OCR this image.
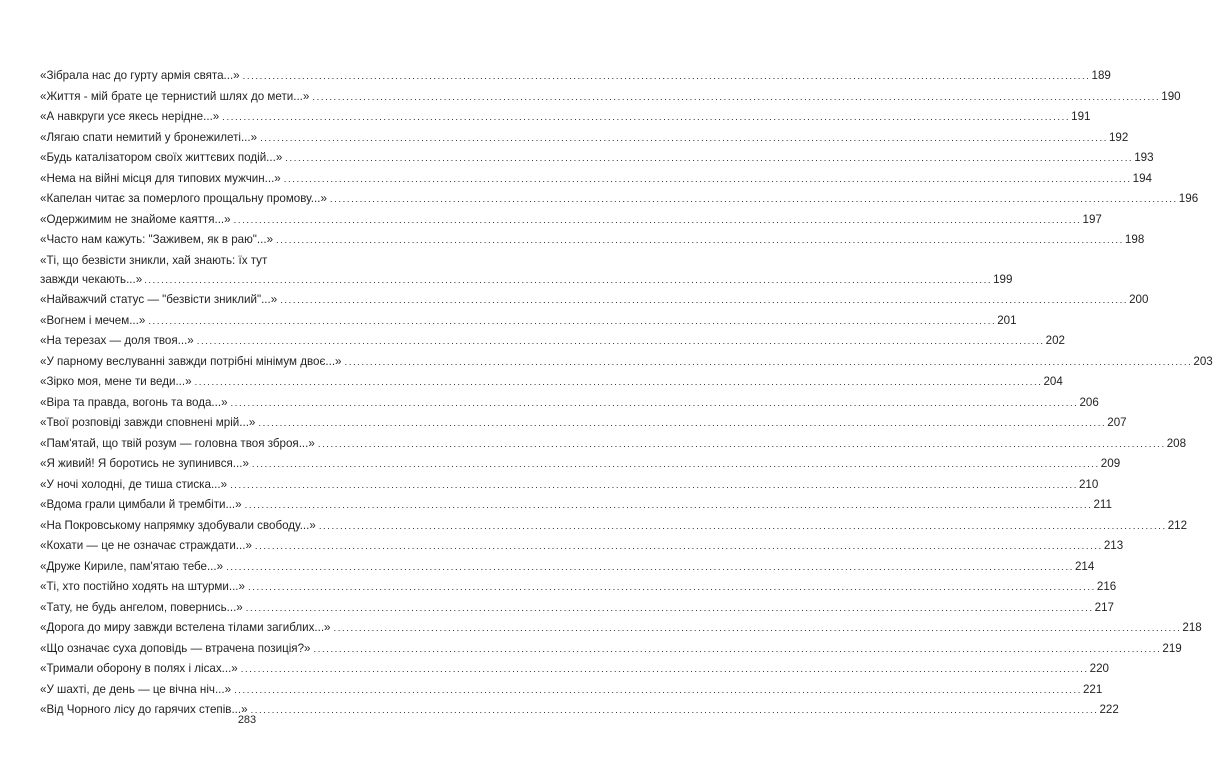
«Зібрала нас до гурту армія свята...» ........................................................................................................................................................................................................ 189
«Життя - мій брате це тернистий шлях до мети...» ........................................................................................................................................................................................................ 190
«А навкруги усе якесь нерідне...» ........................................................................................................................................................................................................ 191
«Лягаю спати немитий у бронежилеті...» ........................................................................................................................................................................................................ 192
«Будь каталізатором своїх життєвих подій...» ........................................................................................................................................................................................................ 193
«Нема на війні місця для типових мужчин...» ........................................................................................................................................................................................................ 194
«Капелан читає за померлого прощальну промову...» ........................................................................................................................................................................................................ 196
«Одержимим не знайоме каяття...» ........................................................................................................................................................................................................ 197
«Часто нам кажуть: "Заживем, як в раю"...» ........................................................................................................................................................................................................ 198
«Ті, що безвісти зникли, хай знають: їх тут
завжди чекають...» ........................................................................................................................................................................................................ 199
«Найважчий статус — "безвісти зниклий"...» ........................................................................................................................................................................................................ 200
«Вогнем і мечем...» ........................................................................................................................................................................................................ 201
«На терезах — доля твоя...» ........................................................................................................................................................................................................ 202
«У парному веслуванні завжди потрібні мінімум двоє...» ........................................................................................................................................................................................................ 203
«Зірко моя, мене ти веди...» ........................................................................................................................................................................................................ 204
«Віра та правда, вогонь та вода...» ........................................................................................................................................................................................................ 206
«Твої розповіді завжди сповнені мрій...» ........................................................................................................................................................................................................ 207
«Пам'ятай, що твій розум — головна твоя зброя...» ........................................................................................................................................................................................................ 208
«Я живий! Я боротись не зупинився...» ........................................................................................................................................................................................................ 209
«У ночі холодні, де тиша стиска...» ........................................................................................................................................................................................................ 210
«Вдома грали цимбали й трембіти...» ........................................................................................................................................................................................................ 211
«На Покровському напрямку здобували свободу...» ........................................................................................................................................................................................................ 212
«Кохати — це не означає страждати...» ........................................................................................................................................................................................................ 213
«Друже Кириле, пам'ятаю тебе...» ........................................................................................................................................................................................................ 214
«Ті, хто постійно ходять на штурми...» ........................................................................................................................................................................................................ 216
«Тату, не будь ангелом, повернись...» ........................................................................................................................................................................................................ 217
«Дорога до миру завжди встелена тілами загиблих...» ........................................................................................................................................................................................................ 218
«Що означає суха доповідь — втрачена позиція?» ........................................................................................................................................................................................................ 219
«Тримали оборону в полях і лісах...» ........................................................................................................................................................................................................ 220
«У шахті, де день — це вічна ніч...» ........................................................................................................................................................................................................ 221
«Від Чорного лісу до гарячих степів...» ........................................................................................................................................................................................................ 222
283
